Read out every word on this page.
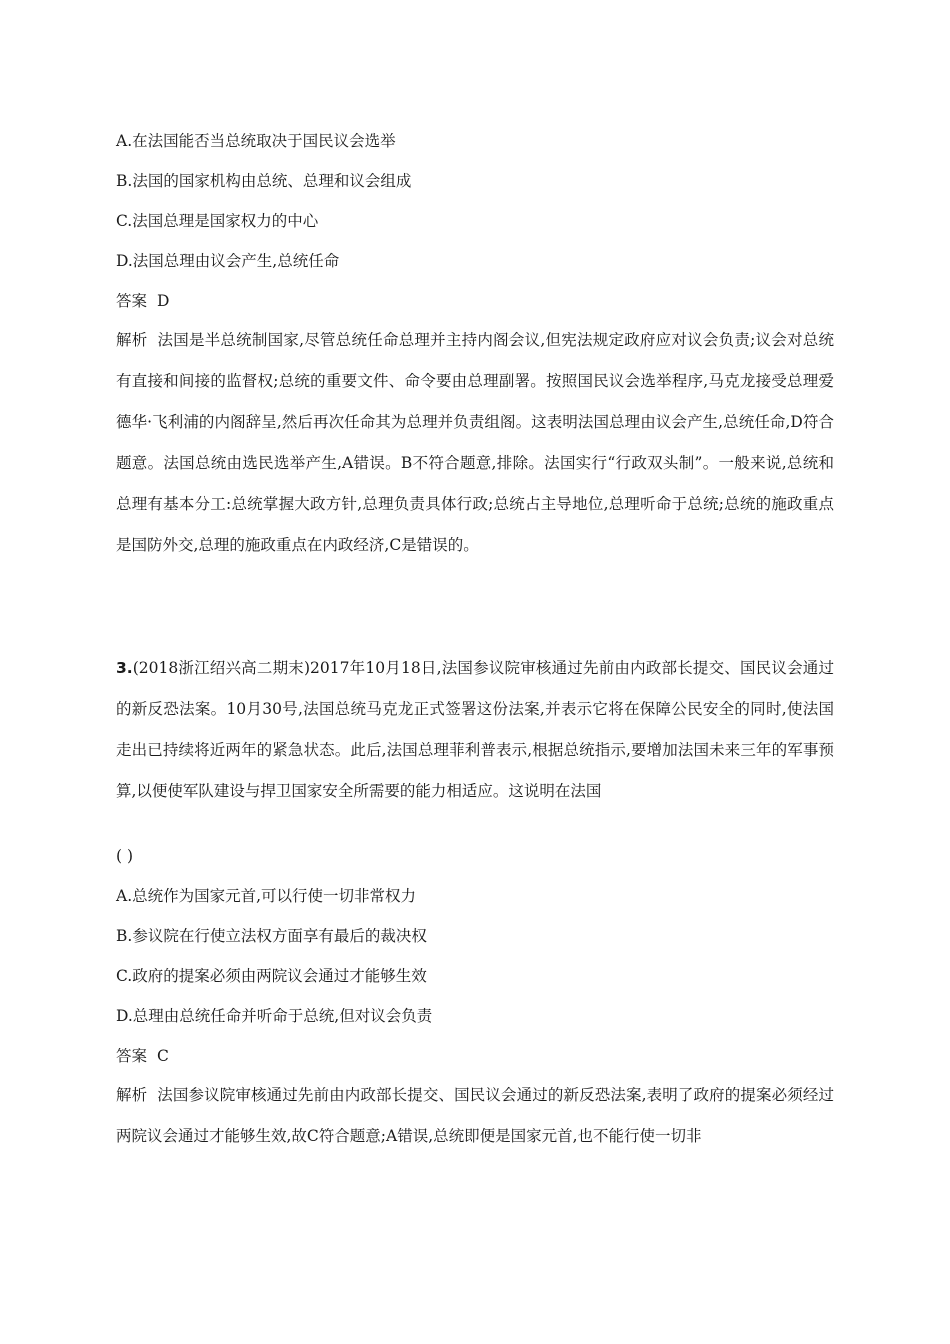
A.在法国能否当总统取决于国民议会选举
B.法国的国家机构由总统、总理和议会组成
C.法国总理是国家权力的中心
D.法国总理由议会产生,总统任命
答案 D
解析 法国是半总统制国家,尽管总统任命总理并主持内阁会议,但宪法规定政府应对议会负责;议会对总统有直接和间接的监督权;总统的重要文件、命令要由总理副署。按照国民议会选举程序,马克龙接受总理爱德华·飞利浦的内阁辞呈,然后再次任命其为总理并负责组阁。这表明法国总理由议会产生,总统任命,D符合题意。法国总统由选民选举产生,A错误。B不符合题意,排除。法国实行“行政双头制”。一般来说,总统和总理有基本分工:总统掌握大政方针,总理负责具体行政;总统占主导地位,总理听命于总统;总统的施政重点是国防外交,总理的施政重点在内政经济,C是错误的。
3.(2018浙江绍兴高二期末)2017年10月18日,法国参议院审核通过先前由内政部长提交、国民议会通过的新反恐法案。10月30号,法国总统马克龙正式签署这份法案,并表示它将在保障公民安全的同时,使法国走出已持续将近两年的紧急状态。此后,法国总理菲利普表示,根据总统指示,要增加法国未来三年的军事预算,以便使军队建设与捍卫国家安全所需要的能力相适应。这说明在法国
( )
A.总统作为国家元首,可以行使一切非常权力
B.参议院在行使立法权方面享有最后的裁决权
C.政府的提案必须由两院议会通过才能够生效
D.总理由总统任命并听命于总统,但对议会负责
答案 C
解析 法国参议院审核通过先前由内政部长提交、国民议会通过的新反恐法案,表明了政府的提案必须经过两院议会通过才能够生效,故C符合题意;A错误,总统即便是国家元首,也不能行使一切非
